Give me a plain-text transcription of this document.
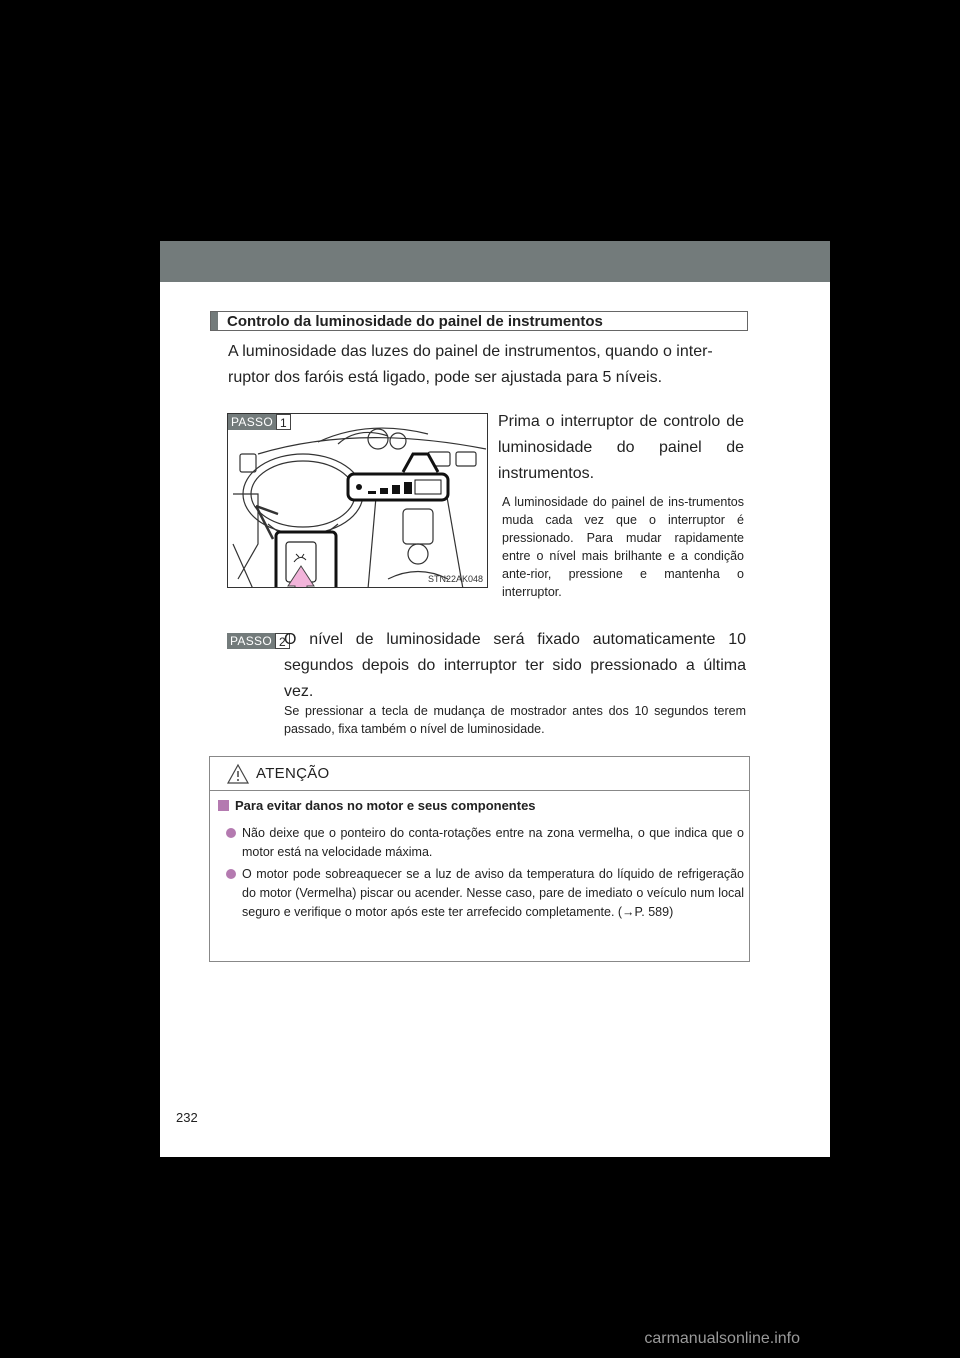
Controlo da luminosidade do painel de instrumentos
A luminosidade das luzes do painel de instrumentos, quando o inter-ruptor dos faróis está ligado, pode ser ajustada para 5 níveis.
PASSO 1
STN22AK048
Prima o interruptor de controlo de luminosidade do painel de instrumentos.
A luminosidade do painel de ins-trumentos muda cada vez que o interruptor é pressionado. Para mudar rapidamente entre o nível mais brilhante e a condição ante-rior, pressione e mantenha o interruptor.
PASSO 2
O nível de luminosidade será fixado automaticamente 10 segundos depois do interruptor ter sido pressionado a última vez.
Se pressionar a tecla de mudança de mostrador antes dos 10 segundos terem passado, fixa também o nível de luminosidade.
ATENÇÃO
Para evitar danos no motor e seus componentes
Não deixe que o ponteiro do conta-rotações entre na zona vermelha, o que indica que o motor está na velocidade máxima.
O motor pode sobreaquecer se a luz de aviso da temperatura do líquido de refrigeração do motor (Vermelha) piscar ou acender. Nesse caso, pare de imediato o veículo num local seguro e verifique o motor após este ter arrefecido completamente. (→P. 589)
232
carmanualsonline.info
